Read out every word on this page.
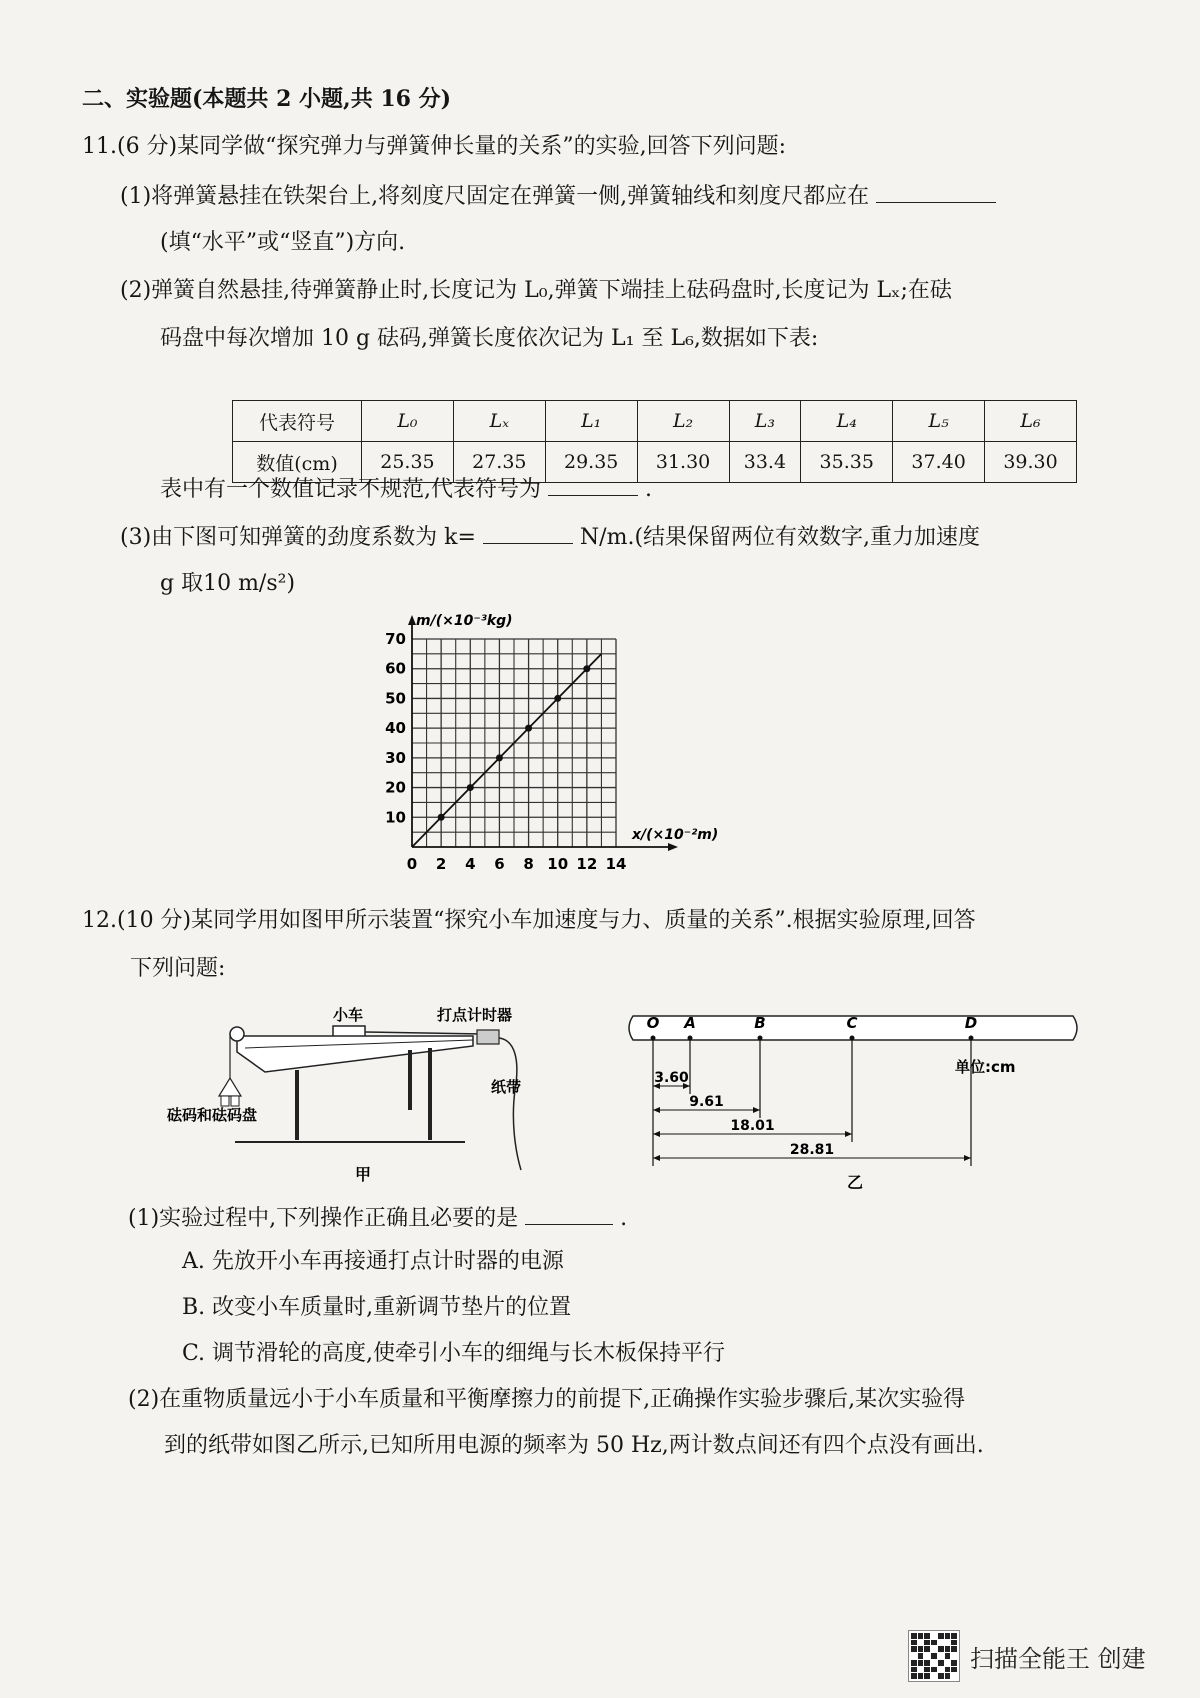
二、实验题(本题共 2 小题,共 16 分)
11.(6 分)某同学做“探究弹力与弹簧伸长量的关系”的实验,回答下列问题:
(1)将弹簧悬挂在铁架台上,将刻度尺固定在弹簧一侧,弹簧轴线和刻度尺都应在
(填“水平”或“竖直”)方向.
(2)弹簧自然悬挂,待弹簧静止时,长度记为 L₀,弹簧下端挂上砝码盘时,长度记为 Lₓ;在砝
码盘中每次增加 10 g 砝码,弹簧长度依次记为 L₁ 至 L₆,数据如下表:
代表符号	L₀	Lₓ	L₁	L₂	L₃	L₄	L₅	L₆
数值(cm)	25.35	27.35	29.35	31.30	33.4	35.35	37.40	39.30
表中有一个数值记录不规范,代表符号为	.
(3)由下图可知弹簧的劲度系数为 k=	N/m.(结果保留两位有效数字,重力加速度
g 取10 m/s²)
0 2 4 6 8 10 12 14
10
20
30
40
50
60
70
m/(×10⁻³kg)
x/(×10⁻²m)
12.(10 分)某同学用如图甲所示装置“探究小车加速度与力、质量的关系”.根据实验原理,回答
下列问题:
小车	打点计时器
纸带
砝码和砝码盘
甲
单位:cm
O A	B	C	D
3.60
9.61
18.01
28.81
乙
(1)实验过程中,下列操作正确且必要的是	.
A. 先放开小车再接通打点计时器的电源
B. 改变小车质量时,重新调节垫片的位置
C. 调节滑轮的高度,使牵引小车的细绳与长木板保持平行
(2)在重物质量远小于小车质量和平衡摩擦力的前提下,正确操作实验步骤后,某次实验得
到的纸带如图乙所示,已知所用电源的频率为 50 Hz,两计数点间还有四个点没有画出.
扫描全能王 创建
